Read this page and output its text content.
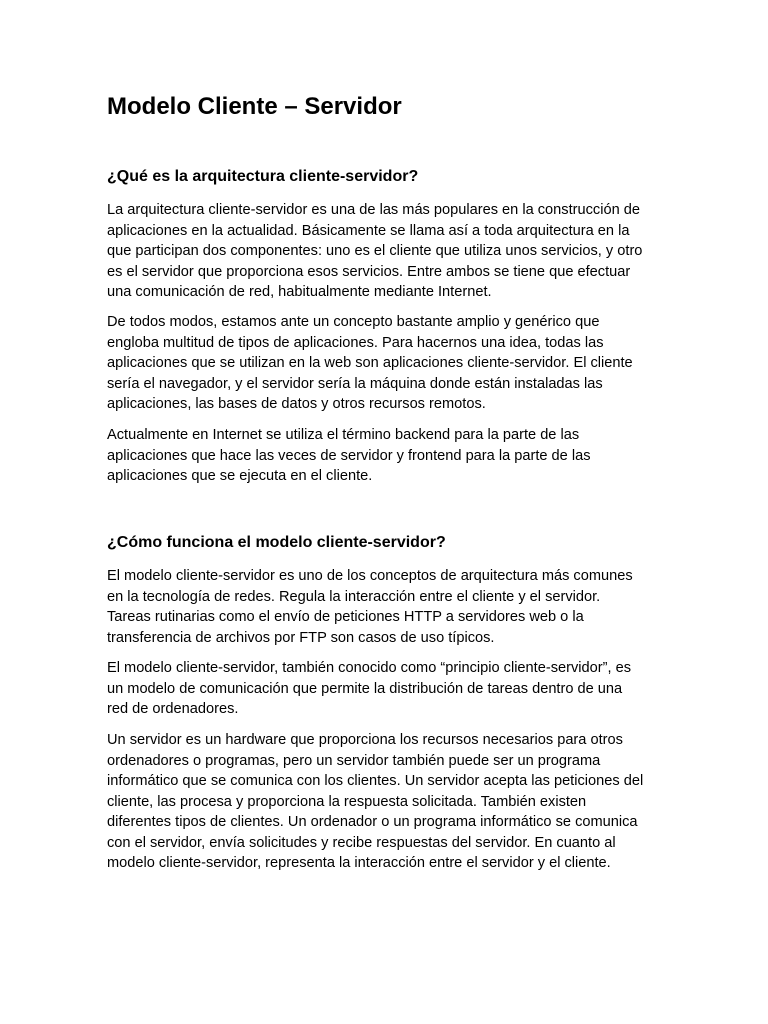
Modelo Cliente – Servidor
¿Qué es la arquitectura cliente-servidor?

La arquitectura cliente-servidor es una de las más populares en la construcción de
aplicaciones en la actualidad. Básicamente se llama así a toda arquitectura en la
que participan dos componentes: uno es el cliente que utiliza unos servicios, y otro
es el servidor que proporciona esos servicios. Entre ambos se tiene que efectuar
una comunicación de red, habitualmente mediante Internet.

De todos modos, estamos ante un concepto bastante amplio y genérico que
engloba multitud de tipos de aplicaciones. Para hacernos una idea, todas las
aplicaciones que se utilizan en la web son aplicaciones cliente-servidor. El cliente
sería el navegador, y el servidor sería la máquina donde están instaladas las
aplicaciones, las bases de datos y otros recursos remotos.

Actualmente en Internet se utiliza el término backend para la parte de las
aplicaciones que hace las veces de servidor y frontend para la parte de las
aplicaciones que se ejecuta en el cliente.

¿Cómo funciona el modelo cliente-servidor?

El modelo cliente-servidor es uno de los conceptos de arquitectura más comunes
en la tecnología de redes. Regula la interacción entre el cliente y el servidor.
Tareas rutinarias como el envío de peticiones HTTP a servidores web o la
transferencia de archivos por FTP son casos de uso típicos.

El modelo cliente-servidor, también conocido como “principio cliente-servidor”, es
un modelo de comunicación que permite la distribución de tareas dentro de una
red de ordenadores.

Un servidor es un hardware que proporciona los recursos necesarios para otros
ordenadores o programas, pero un servidor también puede ser un programa
informático que se comunica con los clientes. Un servidor acepta las peticiones del
cliente, las procesa y proporciona la respuesta solicitada. También existen
diferentes tipos de clientes. Un ordenador o un programa informático se comunica
con el servidor, envía solicitudes y recibe respuestas del servidor. En cuanto al
modelo cliente-servidor, representa la interacción entre el servidor y el cliente.
